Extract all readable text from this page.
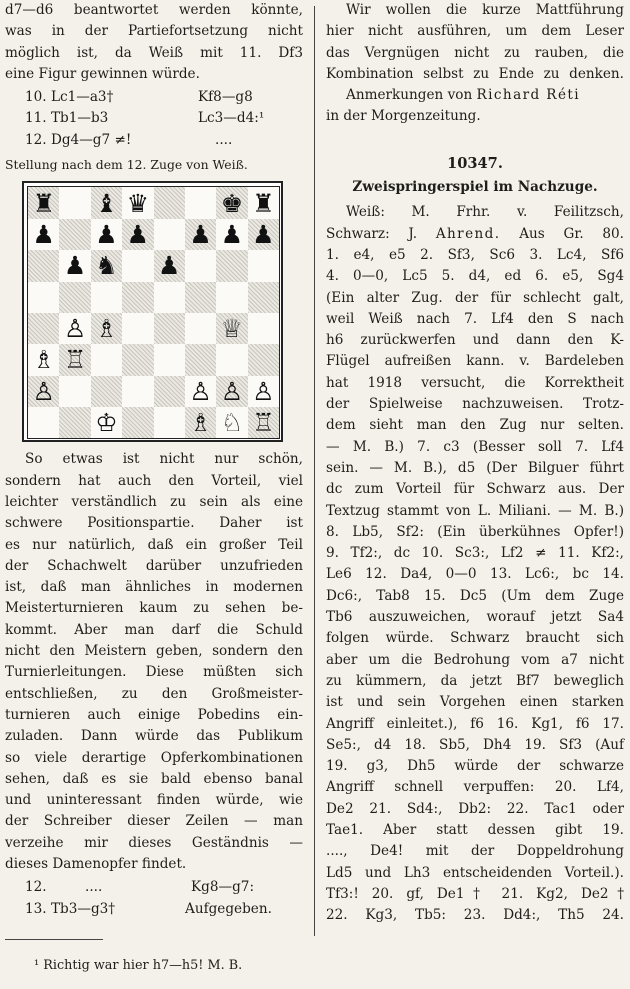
d7—d6 beantwortet werden könnte,

was in der Partiefortsetzung nicht

möglich ist, da Weiß mit 11. Df3

eine Figur gewinnen würde.

10. Lc1—a3†	Kf8—g8
11. Tb1—b3	Lc3—d4:¹
12. Dg4—g7 ≠!	....

Stellung nach dem 12. Zuge von Weiß.

♜ ♝ ♛	♚ ♜
♟ ♟ ♟ ♟ ♟ ♟
♟ ♞ ♟
♙ ♗	♕
♗ ♖
♙	♙ ♙ ♙
♔	♗ ♘ ♖

So etwas ist nicht nur schön,

sondern hat auch den Vorteil, viel

leichter verständlich zu sein als eine

schwere Positionspartie. Daher ist

es nur natürlich, daß ein großer Teil

der Schachwelt darüber unzufrieden

ist, daß man ähnliches in modernen

Meisterturnieren kaum zu sehen be-

kommt. Aber man darf die Schuld

nicht den Meistern geben, sondern den

Turnierleitungen. Diese müßten sich

entschließen, zu den Großmeister-

turnieren auch einige Pobedins ein-

zuladen. Dann würde das Publikum

so viele derartige Opferkombinationen

sehen, daß es sie bald ebenso banal

und uninteressant finden würde, wie

der Schreiber dieser Zeilen — man

verzeihe mir dieses Geständnis —

dieses Damenopfer findet.

12.	....	Kg8—g7:
13. Tb3—g3†	Aufgegeben.

Wir wollen die kurze Mattführung

hier nicht ausführen, um dem Leser

das Vergnügen nicht zu rauben, die

Kombination selbst zu Ende zu denken.

Anmerkungen von Richard Réti

in der Morgenzeitung.

10347.

Zweispringerspiel im Nachzuge.

Weiß: M. Frhr. v. Feilitzsch,

Schwarz: J. Ahrend. Aus Gr. 80.

1. e4, e5 2. Sf3, Sc6 3. Lc4, Sf6

4. 0—0, Lc5 5. d4, ed 6. e5, Sg4

(Ein alter Zug. der für schlecht galt,

weil Weiß nach 7. Lf4 den S nach

h6 zurückwerfen und dann den K-

Flügel aufreißen kann. v. Bardeleben

hat 1918 versucht, die Korrektheit

der Spielweise nachzuweisen. Trotz-

dem sieht man den Zug nur selten.

— M. B.) 7. c3 (Besser soll 7. Lf4

sein. — M. B.), d5 (Der Bilguer führt

dc zum Vorteil für Schwarz aus. Der

Textzug stammt von L. Miliani. — M. B.)

8. Lb5, Sf2: (Ein überkühnes Opfer!)

9. Tf2:, dc 10. Sc3:, Lf2 ≠ 11. Kf2:,

Le6 12. Da4, 0—0 13. Lc6:, bc 14.

Dc6:, Tab8 15. Dc5 (Um dem Zuge

Tb6 auszuweichen, worauf jetzt Sa4

folgen würde. Schwarz braucht sich

aber um die Bedrohung vom a7 nicht

zu kümmern, da jetzt Bf7 beweglich

ist und sein Vorgehen einen starken

Angriff einleitet.), f6 16. Kg1, f6 17.

Se5:, d4 18. Sb5, Dh4 19. Sf3 (Auf

19. g3, Dh5 würde der schwarze

Angriff schnell verpuffen: 20. Lf4,

De2 21. Sd4:, Db2: 22. Tac1 oder

Tae1. Aber statt dessen gibt 19.

...., De4! mit der Doppeldrohung

Ld5 und Lh3 entscheidenden Vorteil.).

Tf3:! 20. gf, De1† 21. Kg2, De2†

22. Kg3, Tb5: 23. Dd4:, Th5 24.

¹ Richtig war hier h7—h5! M. B.
